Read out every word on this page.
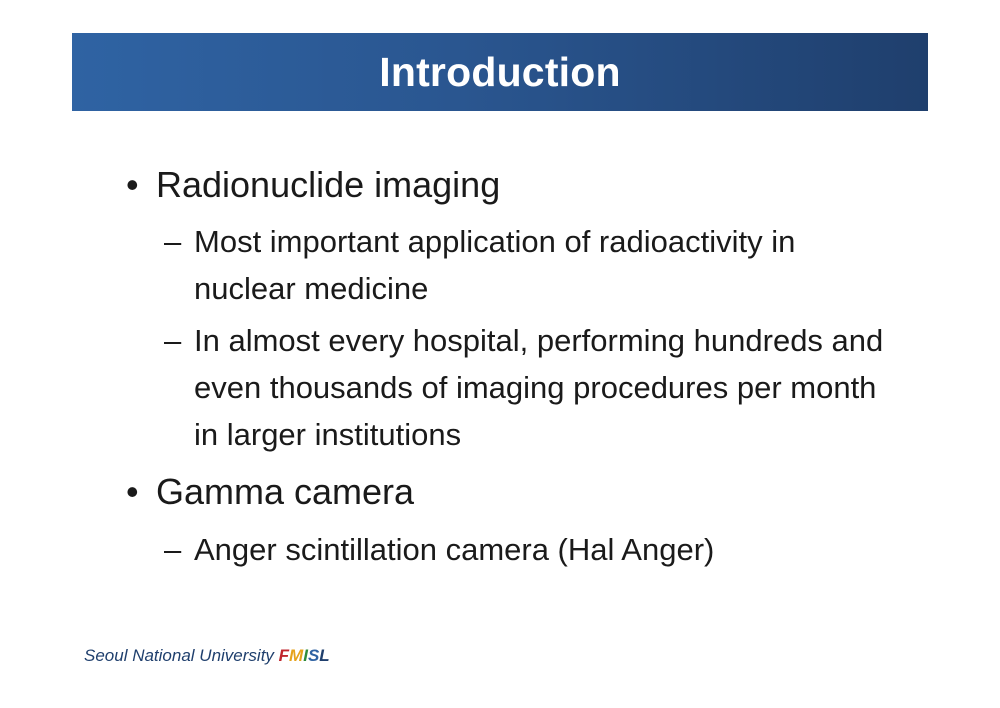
Introduction
• Radionuclide imaging
– Most important application of radioactivity in nuclear medicine
– In almost every hospital, performing hundreds and even thousands of imaging procedures per month in larger institutions
• Gamma camera
– Anger scintillation camera (Hal Anger)
Seoul National University FMISL
